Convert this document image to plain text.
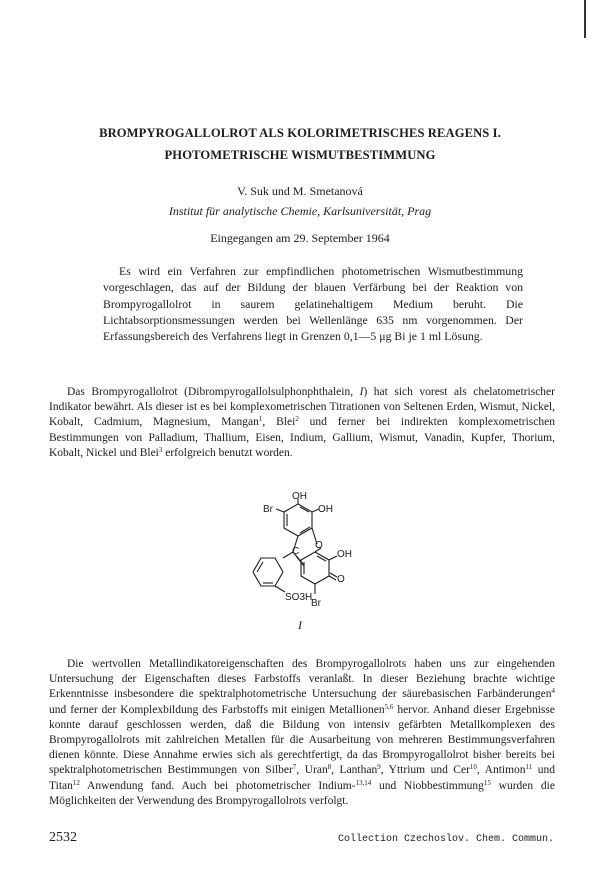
BROMPYROGALLOLROT ALS KOLORIMETRISCHES REAGENS I.
PHOTOMETRISCHE WISMUTBESTIMMUNG

V. Suk und M. Smetanová

Institut für analytische Chemie, Karlsuniversität, Prag

Eingegangen am 29. September 1964

Es wird ein Verfahren zur empfindlichen photometrischen Wismutbestimmung vorgeschlagen, das auf der Bildung der blauen Verfärbung bei der Reaktion von Brompyrogallolrot in saurem gelatinehaltigem Medium beruht. Die Lichtabsorptionsmessungen werden bei Wellenlänge 635 nm vorgenommen. Der Erfassungsbereich des Verfahrens liegt in Grenzen 0,1—5 μg Bi je 1 ml Lösung.

Das Brompyrogallolrot (Dibrompyrogallolsulphonphthalein, I) hat sich vorest als chelatometrischer Indikator bewährt. Als dieser ist es bei komplexometrischen Titrationen von Seltenen Erden, Wismut, Nickel, Kobalt, Cadmium, Magnesium, Mangan$^1$, Blei$^2$ und ferner bei indirekten komplexometrischen Bestimmungen von Palladium, Thallium, Eisen, Indium, Gallium, Wismut, Vanadin, Kupfer, Thorium, Kobalt, Nickel und Blei$^3$ erfolgreich benutzt worden.

OH
Br	OH
O
C	OH
O
SO3H
Br

I

Die wertvollen Metallindikatoreigenschaften des Brompyrogallolrots haben uns zur eingehenden Untersuchung der Eigenschaften dieses Farbstoffs veranlaßt. In dieser Beziehung brachte wichtige Erkenntnisse insbesondere die spektralphotometrische Untersuchung der säurebasischen Farbänderungen$^4$ und ferner der Komplexbildung des Farbstoffs mit einigen Metallionen$^{5,6}$ hervor. Anhand dieser Ergebnisse konnte darauf geschlossen werden, daß die Bildung von intensiv gefärbten Metallkomplexen des Brompyrogallolrots mit zahlreichen Metallen für die Ausarbeitung von mehreren Bestimmungsverfahren dienen könnte. Diese Annahme erwies sich als gerechtfertigt, da das Brompyrogallolrot bisher bereits bei spektralphotometrischen Bestimmungen von Silber$^7$, Uran$^8$, Lanthan$^9$, Yttrium und Cer$^{10}$, Antimon$^{11}$ und Titan$^{12}$ Anwendung fand. Auch bei photometrischer Indium-$^{13,14}$ und Niobbestimmung$^{15}$ wurden die Möglichkeiten der Verwendung des Brompyrogallolrots verfolgt.

2532	Collection Czechoslov. Chem. Commun.
